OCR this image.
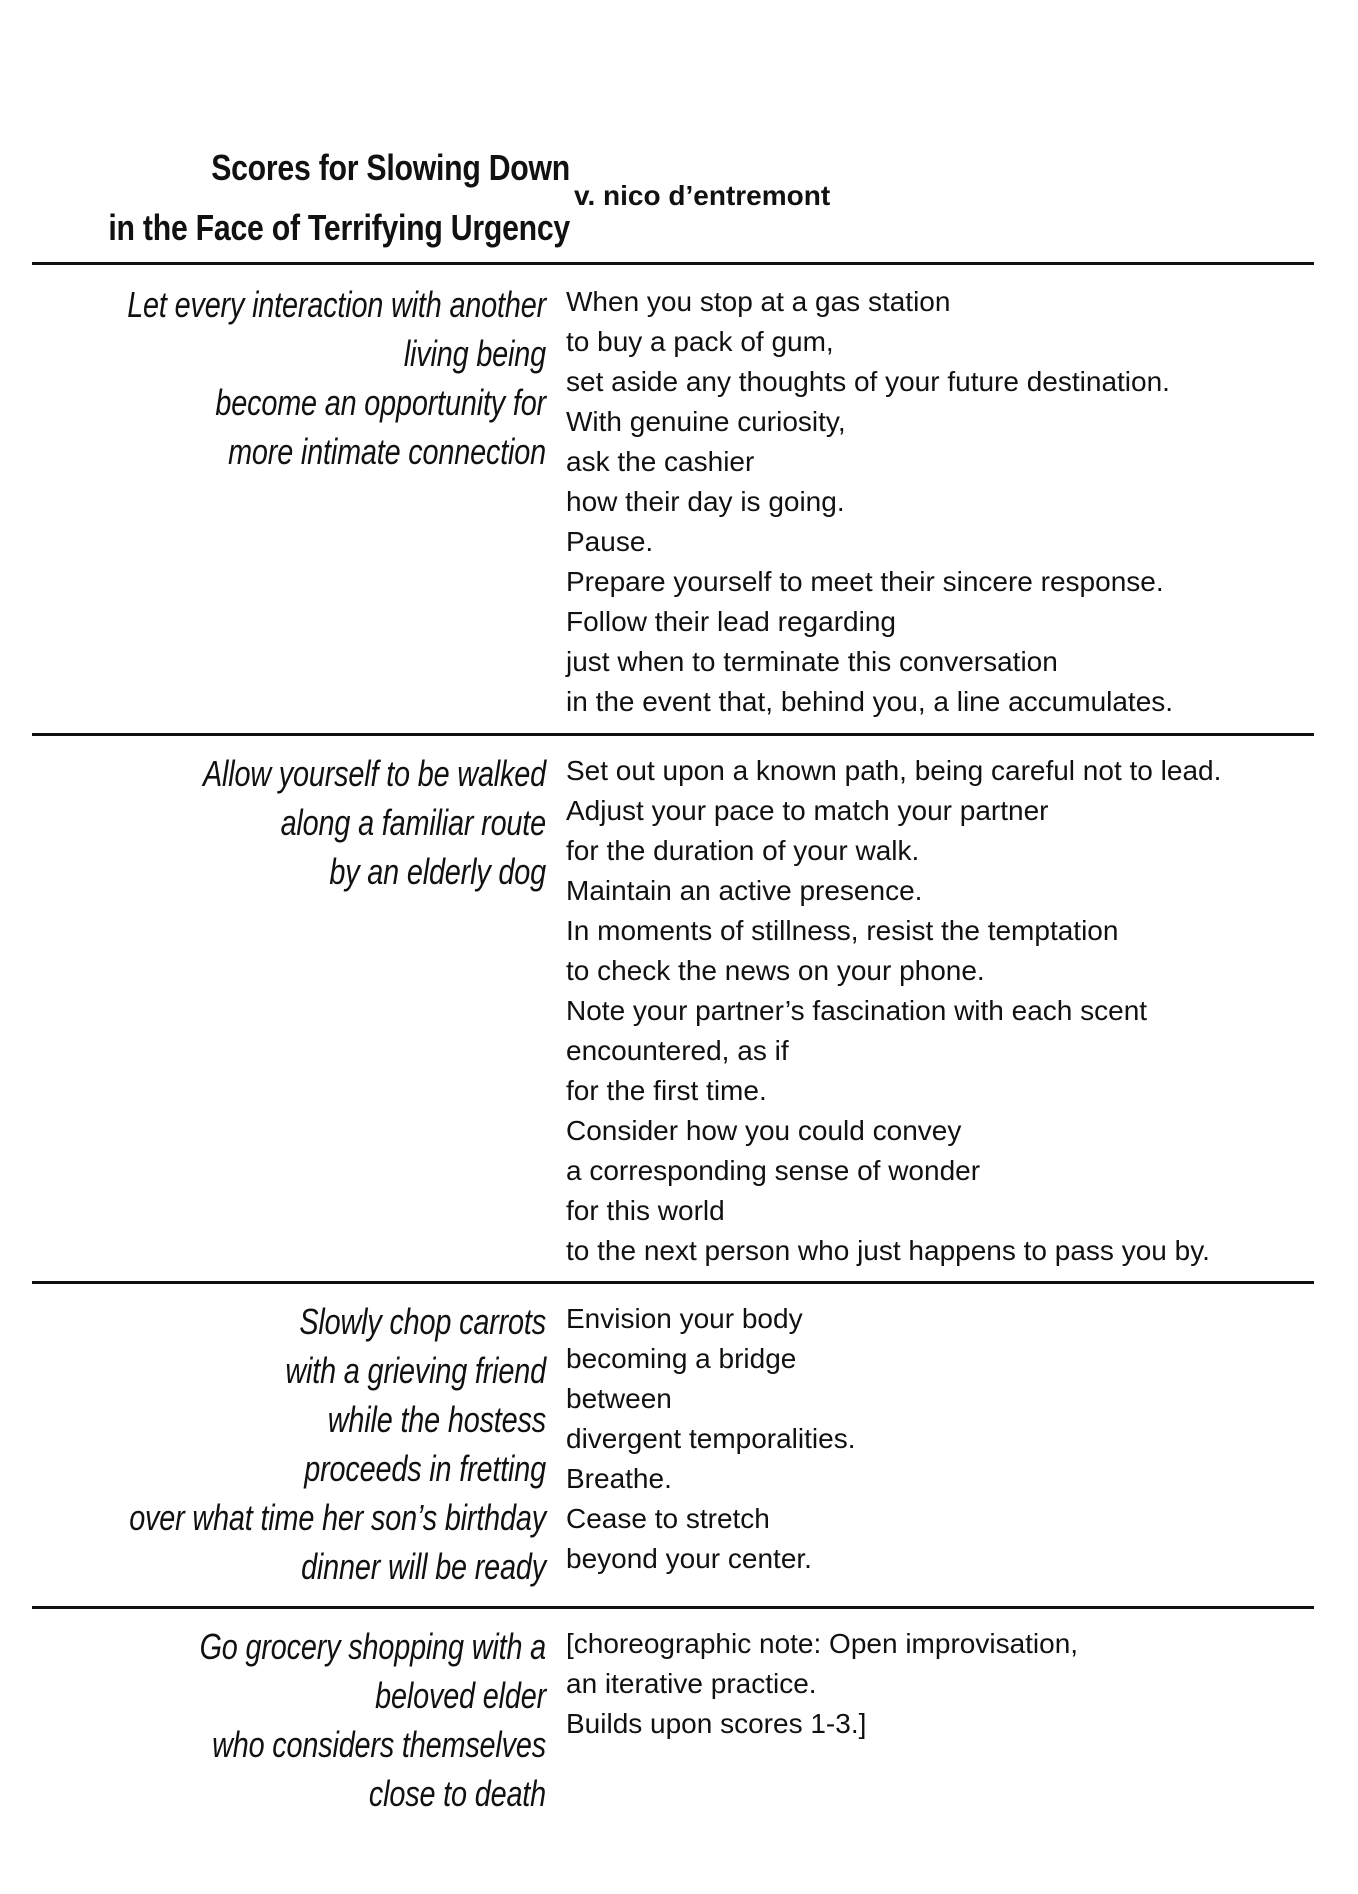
Scores for Slowing Down
in the Face of Terrifying Urgency
v. nico d’entremont
Let every interaction with another
living being
become an opportunity for
more intimate connection
When you stop at a gas station
to buy a pack of gum,
set aside any thoughts of your future destination.
With genuine curiosity,
ask the cashier
how their day is going.
Pause.
Prepare yourself to meet their sincere response.
Follow their lead regarding
just when to terminate this conversation
in the event that, behind you, a line accumulates.
Allow yourself to be walked
along a familiar route
by an elderly dog
Set out upon a known path, being careful not to lead.
Adjust your pace to match your partner
for the duration of your walk.
Maintain an active presence.
In moments of stillness, resist the temptation
to check the news on your phone.
Note your partner’s fascination with each scent
encountered, as if
for the first time.
Consider how you could convey
a corresponding sense of wonder
for this world
to the next person who just happens to pass you by.
Slowly chop carrots
with a grieving friend
while the hostess
proceeds in fretting
over what time her son’s birthday
dinner will be ready
Envision your body
becoming a bridge
between
divergent temporalities.
Breathe.
Cease to stretch
beyond your center.
Go grocery shopping with a
beloved elder
who considers themselves
close to death
[choreographic note: Open improvisation,
an iterative practice.
Builds upon scores 1-3.]
